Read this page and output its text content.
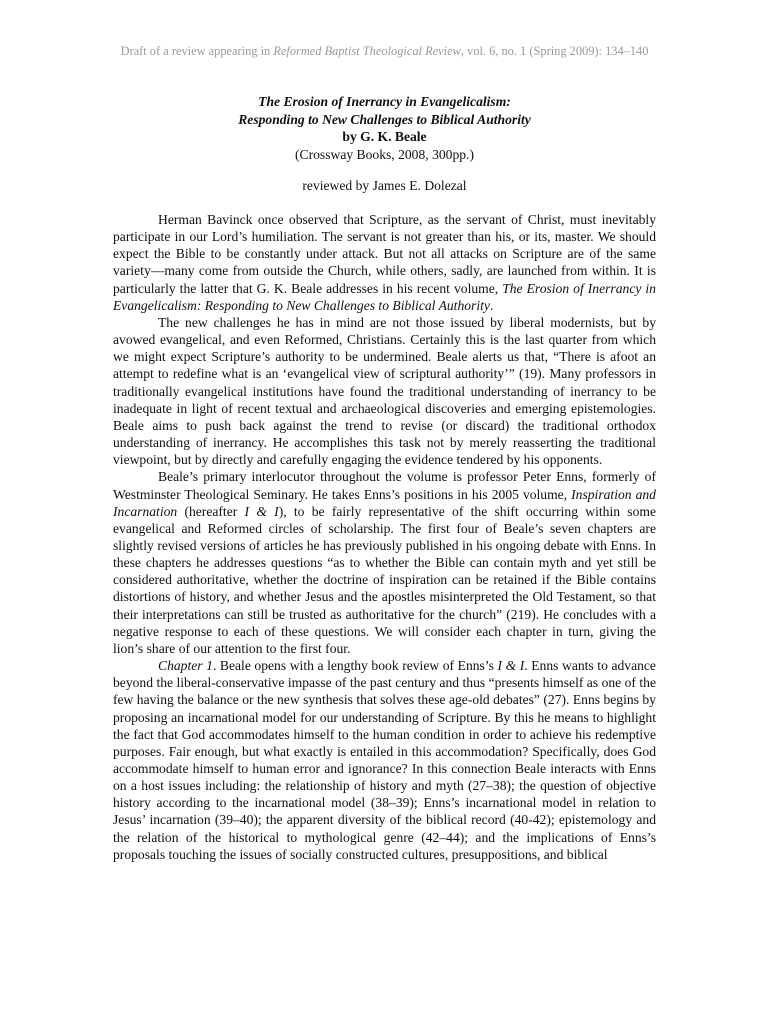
Draft of a review appearing in Reformed Baptist Theological Review, vol. 6, no. 1 (Spring 2009): 134–140
The Erosion of Inerrancy in Evangelicalism:
Responding to New Challenges to Biblical Authority
by G. K. Beale
(Crossway Books, 2008, 300pp.)
reviewed by James E. Dolezal

Herman Bavinck once observed that Scripture, as the servant of Christ, must inevitably participate in our Lord’s humiliation. The servant is not greater than his, or its, master. We should expect the Bible to be constantly under attack. But not all attacks on Scripture are of the same variety—many come from outside the Church, while others, sadly, are launched from within. It is particularly the latter that G. K. Beale addresses in his recent volume, The Erosion of Inerrancy in Evangelicalism: Responding to New Challenges to Biblical Authority.

The new challenges he has in mind are not those issued by liberal modernists, but by avowed evangelical, and even Reformed, Christians. Certainly this is the last quarter from which we might expect Scripture’s authority to be undermined. Beale alerts us that, “There is afoot an attempt to redefine what is an ‘evangelical view of scriptural authority’” (19). Many professors in traditionally evangelical institutions have found the traditional understanding of inerrancy to be inadequate in light of recent textual and archaeological discoveries and emerging epistemologies. Beale aims to push back against the trend to revise (or discard) the traditional orthodox understanding of inerrancy. He accomplishes this task not by merely reasserting the traditional viewpoint, but by directly and carefully engaging the evidence tendered by his opponents.

Beale’s primary interlocutor throughout the volume is professor Peter Enns, formerly of Westminster Theological Seminary. He takes Enns’s positions in his 2005 volume, Inspiration and Incarnation (hereafter I & I), to be fairly representative of the shift occurring within some evangelical and Reformed circles of scholarship. The first four of Beale’s seven chapters are slightly revised versions of articles he has previously published in his ongoing debate with Enns. In these chapters he addresses questions “as to whether the Bible can contain myth and yet still be considered authoritative, whether the doctrine of inspiration can be retained if the Bible contains distortions of history, and whether Jesus and the apostles misinterpreted the Old Testament, so that their interpretations can still be trusted as authoritative for the church” (219). He concludes with a negative response to each of these questions. We will consider each chapter in turn, giving the lion’s share of our attention to the first four.

Chapter 1. Beale opens with a lengthy book review of Enns’s I & I. Enns wants to advance beyond the liberal-conservative impasse of the past century and thus “presents himself as one of the few having the balance or the new synthesis that solves these age-old debates” (27). Enns begins by proposing an incarnational model for our understanding of Scripture. By this he means to highlight the fact that God accommodates himself to the human condition in order to achieve his redemptive purposes. Fair enough, but what exactly is entailed in this accommodation? Specifically, does God accommodate himself to human error and ignorance? In this connection Beale interacts with Enns on a host issues including: the relationship of history and myth (27–38); the question of objective history according to the incarnational model (38–39); Enns’s incarnational model in relation to Jesus’ incarnation (39–40); the apparent diversity of the biblical record (40-42); epistemology and the relation of the historical to mythological genre (42–44); and the implications of Enns’s proposals touching the issues of socially constructed cultures, presuppositions, and biblical
